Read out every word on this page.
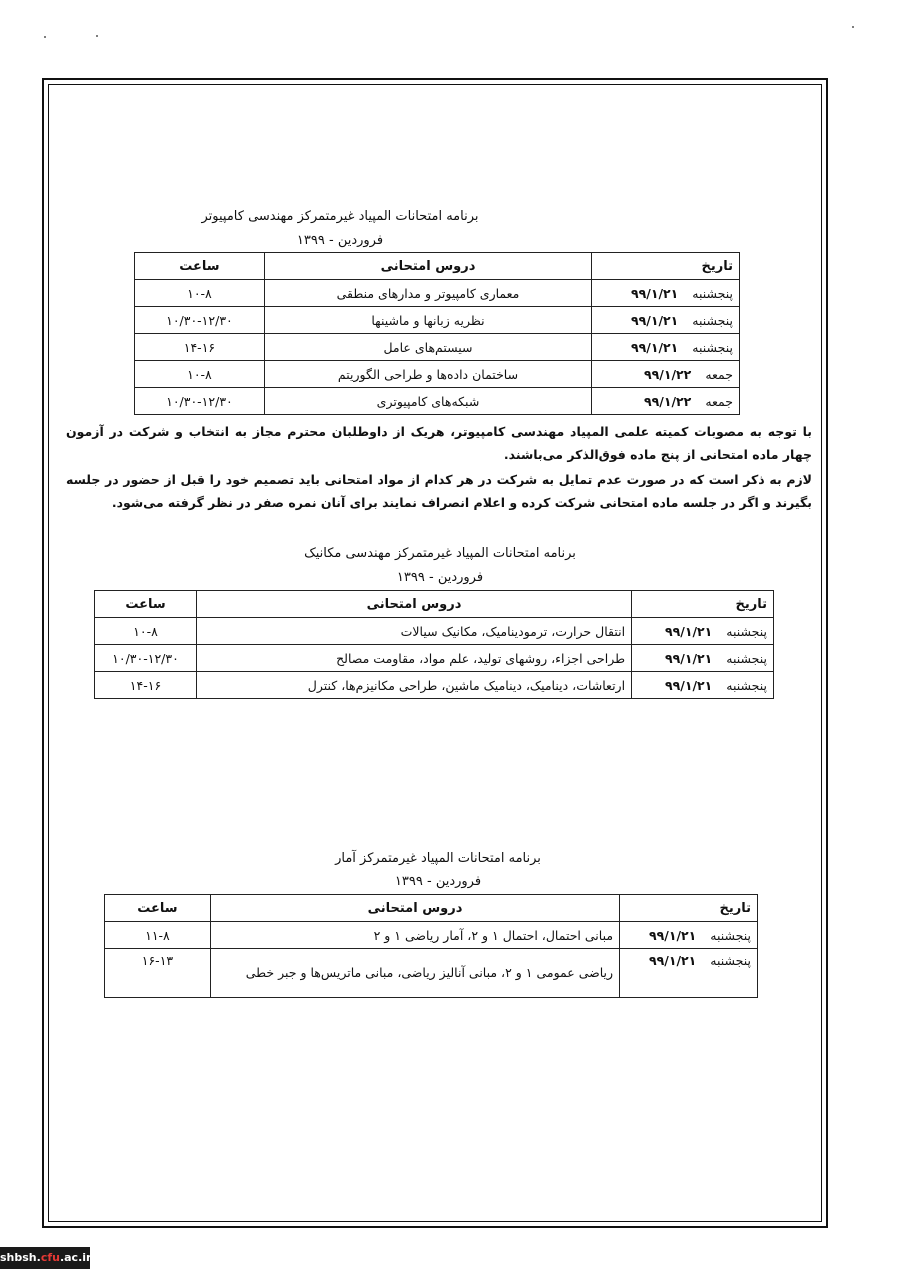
برنامه امتحانات المپیاد غیرمتمرکز مهندسی کامپیوتر
فروردین - ۱۳۹۹
تاریخ	دروس امتحانی	ساعت
پنجشنبه۹۹/۱/۲۱	معماری کامپیوتر و مدارهای منطقی	۱۰-۸
پنجشنبه۹۹/۱/۲۱	نظریه زبانها و ماشینها	۱۰/۳۰-۱۲/۳۰
پنجشنبه۹۹/۱/۲۱	سیستم‌های عامل	۱۴-۱۶
جمعه۹۹/۱/۲۲	ساختمان داده‌ها و طراحی الگوریتم	۱۰-۸
جمعه۹۹/۱/۲۲	شبکه‌های کامپیوتری	۱۰/۳۰-۱۲/۳۰
با توجه به مصوبات کمیته علمی المپیاد مهندسی کامپیوتر، هریک از داوطلبان محترم مجاز به انتخاب و شرکت در آزمون چهار ماده امتحانی از پنج ماده فوق‌الذکر می‌باشند.
لازم به ذکر است که در صورت عدم تمایل به شرکت در هر کدام از مواد امتحانی باید تصمیم خود را قبل از حضور در جلسه بگیرند و اگر در جلسه ماده امتحانی شرکت کرده و اعلام انصراف نمایند برای آنان نمره صفر در نظر گرفته می‌شود.
برنامه امتحانات المپیاد غیرمتمرکز مهندسی مکانیک
فروردین - ۱۳۹۹
تاریخ	دروس امتحانی	ساعت
پنجشنبه۹۹/۱/۲۱	انتقال حرارت، ترمودینامیک، مکانیک سیالات	۱۰-۸
پنجشنبه۹۹/۱/۲۱	طراحی اجزاء، روشهای تولید، علم مواد، مقاومت مصالح	۱۰/۳۰-۱۲/۳۰
پنجشنبه۹۹/۱/۲۱	ارتعاشات، دینامیک، دینامیک ماشین، طراحی مکانیزم‌ها، کنترل	۱۴-۱۶
برنامه امتحانات المپیاد غیرمتمرکز آمار
فروردین - ۱۳۹۹
تاریخ	دروس امتحانی	ساعت
پنجشنبه۹۹/۱/۲۱	مبانی احتمال، احتمال ۱ و ۲، آمار ریاضی ۱ و ۲	۱۱-۸
پنجشنبه۹۹/۱/۲۱	ریاضی عمومی ۱ و ۲، مبانی آنالیز ریاضی، مبانی ماتریس‌ها و جبر خطی	۱۶-۱۳
shbsh.cfu.ac.ir
